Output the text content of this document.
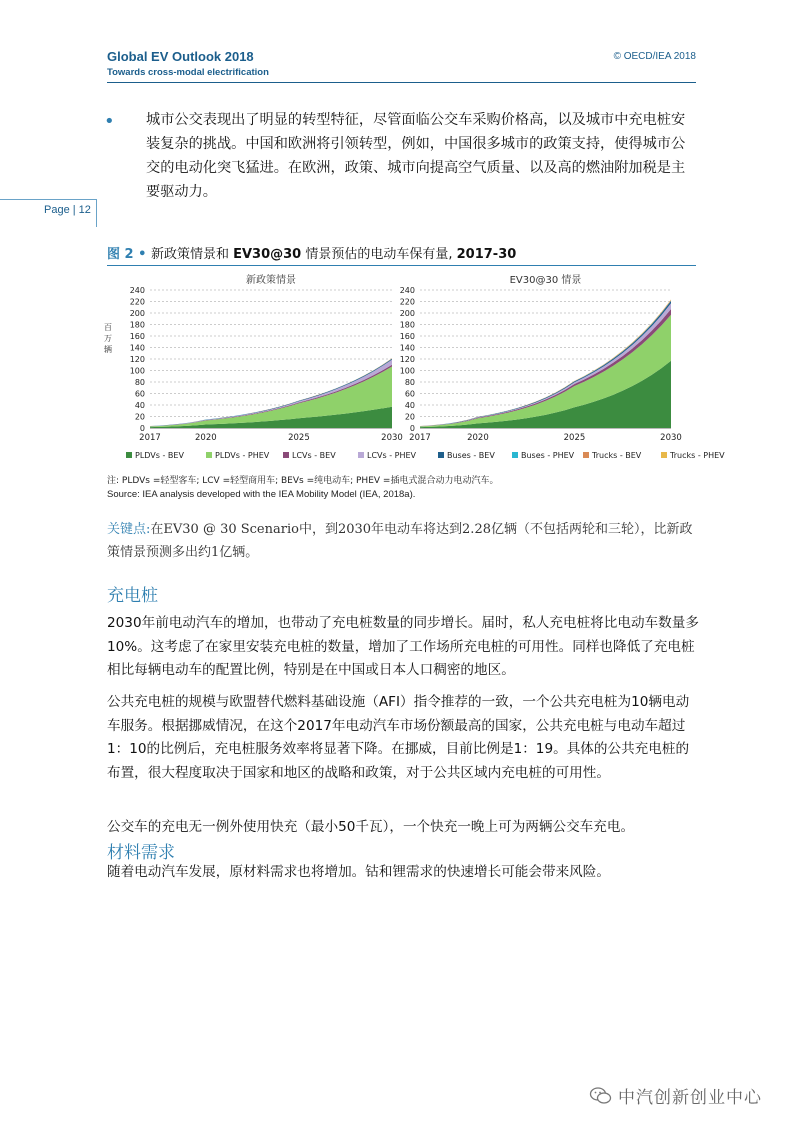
Global EV Outlook 2018
Towards cross-modal electrification
© OECD/IEA 2018
• 城市公交表现出了明显的转型特征，尽管面临公交车采购价格高，以及城市中充电桩安装复杂的挑战。中国和欧洲将引领转型，例如，中国很多城市的政策支持，使得城市公交的电动化突飞猛进。在欧洲，政策、城市向提高空气质量、以及高的燃油附加税是主要驱动力。
Page | 12
图 2 • 新政策情景和 EV30@30 情景预估的电动车保有量, 2017-30
新政策情景
0
20
40
60
80
100
120
140
160
180
200
220
240
2017	2020	2025	2030
百
万
辆
EV30@30 情景
0
20
40
60
80
100
120
140
160
180
200
220
240
2017	2020	2025	2030
PLDVs - BEV	PLDVs - PHEV	LCVs - BEV	LCVs - PHEV	Buses - BEV	Buses - PHEV Trucks - BEV	Trucks - PHEV
注: PLDVs =轻型客车; LCV =轻型商用车; BEVs =纯电动车; PHEV =插电式混合动力电动汽车。
Source: IEA analysis developed with the IEA Mobility Model (IEA, 2018a).
关键点:在EV30 @ 30 Scenario中，到2030年电动车将达到2.28亿辆（不包括两轮和三轮），比新政策情景预测多出约1亿辆。
充电桩
2030年前电动汽车的增加，也带动了充电桩数量的同步增长。届时，私人充电桩将比电动车数量多10%。这考虑了在家里安装充电桩的数量，增加了工作场所充电桩的可用性。同样也降低了充电桩相比每辆电动车的配置比例，特别是在中国或日本人口稠密的地区。
公共充电桩的规模与欧盟替代燃料基础设施（AFI）指令推荐的一致，一个公共充电桩为10辆电动车服务。根据挪威情况，在这个2017年电动汽车市场份额最高的国家，公共充电桩与电动车超过1：10的比例后，充电桩服务效率将显著下降。在挪威，目前比例是1：19。具体的公共充电桩的布置，很大程度取决于国家和地区的战略和政策，对于公共区域内充电桩的可用性。
公交车的充电无一例外使用快充（最小50千瓦），一个快充一晚上可为两辆公交车充电。
材料需求
随着电动汽车发展，原材料需求也将增加。钴和锂需求的快速增长可能会带来风险。
中汽创新创业中心
